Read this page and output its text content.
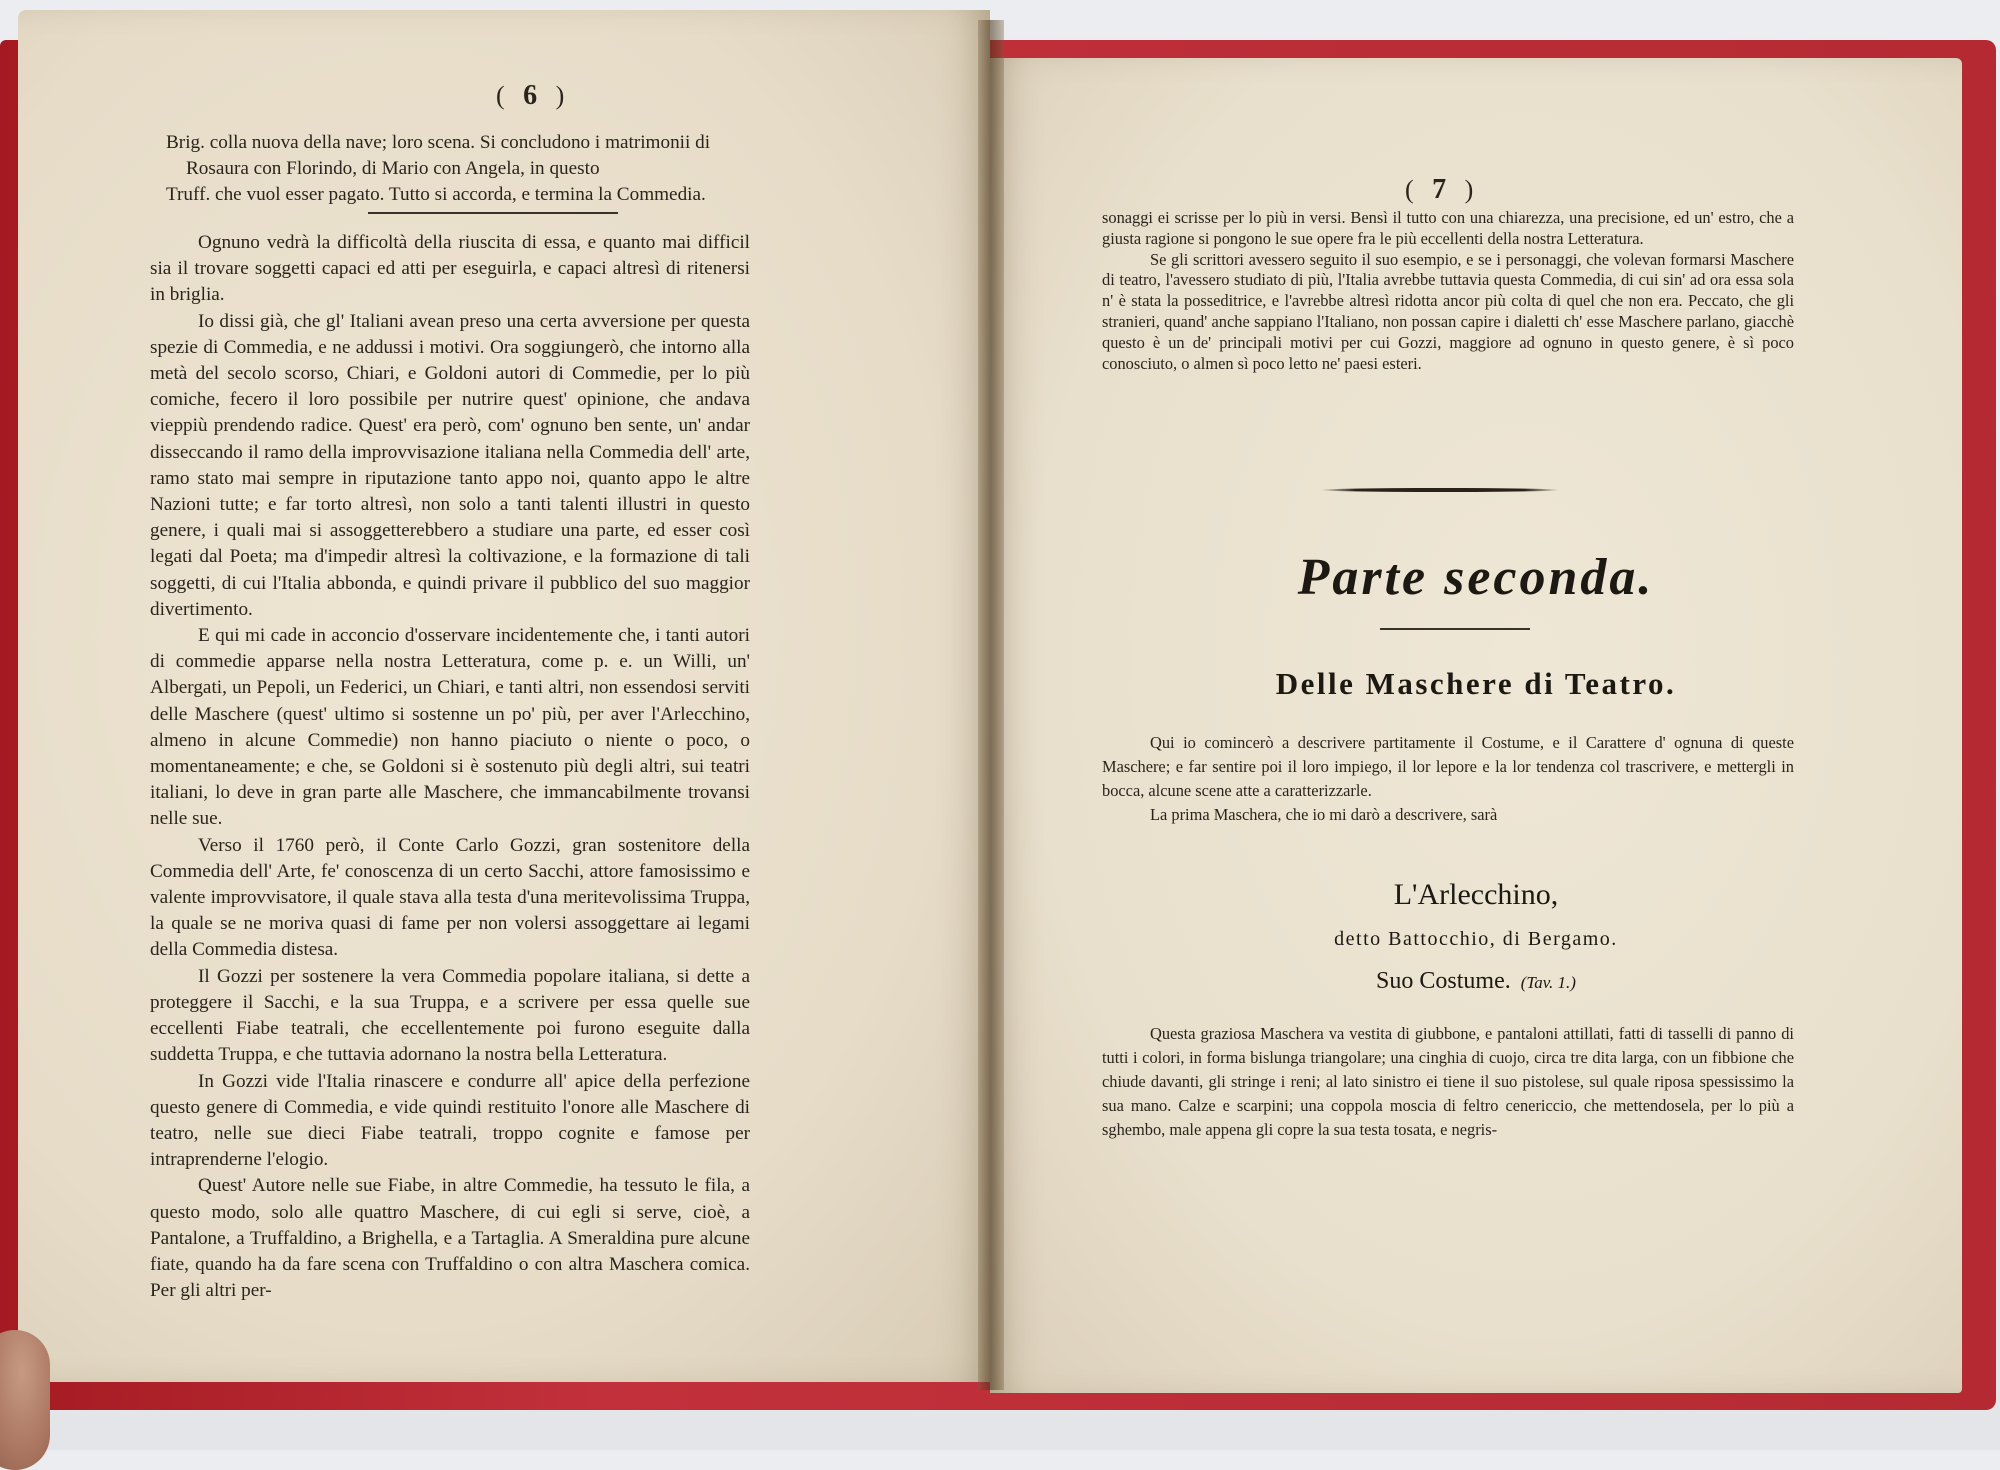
( 6 )

Brig. colla nuova della nave; loro scena. Si concludono i matrimonii di

Rosaura con Florindo, di Mario con Angela, in questo

Truff. che vuol esser pagato. Tutto si accorda, e termina la Commedia.

Ognuno vedrà la difficoltà della riuscita di essa, e quanto mai difficil sia il trovare soggetti capaci ed atti per eseguirla, e capaci altresì di ritenersi in briglia.

Io dissi già, che gl' Italiani avean preso una certa avversione per questa spezie di Commedia, e ne addussi i motivi. Ora soggiungerò, che intorno alla metà del secolo scorso, Chiari, e Goldoni autori di Commedie, per lo più comiche, fecero il loro possibile per nutrire quest' opinione, che andava vieppiù prendendo radice. Quest' era però, com' ognuno ben sente, un' andar disseccando il ramo della improvvisazione italiana nella Commedia dell' arte, ramo stato mai sempre in riputazione tanto appo noi, quanto appo le altre Nazioni tutte; e far torto altresì, non solo a tanti talenti illustri in questo genere, i quali mai si assoggetterebbero a studiare una parte, ed esser così legati dal Poeta; ma d'impedir altresì la coltivazione, e la formazione di tali soggetti, di cui l'Italia abbonda, e quindi privare il pubblico del suo maggior divertimento.

E qui mi cade in acconcio d'osservare incidentemente che, i tanti autori di commedie apparse nella nostra Letteratura, come p. e. un Willi, un' Albergati, un Pepoli, un Federici, un Chiari, e tanti altri, non essendosi serviti delle Maschere (quest' ultimo si sostenne un po' più, per aver l'Arlecchino, almeno in alcune Commedie) non hanno piaciuto o niente o poco, o momentaneamente; e che, se Goldoni si è sostenuto più degli altri, sui teatri italiani, lo deve in gran parte alle Maschere, che immancabilmente trovansi nelle sue.

Verso il 1760 però, il Conte Carlo Gozzi, gran sostenitore della Commedia dell' Arte, fe' conoscenza di un certo Sacchi, attore famosissimo e valente improvvisatore, il quale stava alla testa d'una meritevolissima Truppa, la quale se ne moriva quasi di fame per non volersi assoggettare ai legami della Commedia distesa.

Il Gozzi per sostenere la vera Commedia popolare italiana, si dette a proteggere il Sacchi, e la sua Truppa, e a scrivere per essa quelle sue eccellenti Fiabe teatrali, che eccellentemente poi furono eseguite dalla suddetta Truppa, e che tuttavia adornano la nostra bella Letteratura.

In Gozzi vide l'Italia rinascere e condurre all' apice della perfezione questo genere di Commedia, e vide quindi restituito l'onore alle Maschere di teatro, nelle sue dieci Fiabe teatrali, troppo cognite e famose per intraprenderne l'elogio.

Quest' Autore nelle sue Fiabe, in altre Commedie, ha tessuto le fila, a questo modo, solo alle quattro Maschere, di cui egli si serve, cioè, a Pantalone, a Truffaldino, a Brighella, e a Tartaglia. A Smeraldina pure alcune fiate, quando ha da fare scena con Truffaldino o con altra Maschera comica. Per gli altri per-

( 7 )

sonaggi ei scrisse per lo più in versi. Bensì il tutto con una chiarezza, una precisione, ed un' estro, che a giusta ragione si pongono le sue opere fra le più eccellenti della nostra Letteratura.

Se gli scrittori avessero seguito il suo esempio, e se i personaggi, che volevan formarsi Maschere di teatro, l'avessero studiato di più, l'Italia avrebbe tuttavia questa Commedia, di cui sin' ad ora essa sola n' è stata la posseditrice, e l'avrebbe altresì ridotta ancor più colta di quel che non era. Peccato, che gli stranieri, quand' anche sappiano l'Italiano, non possan capire i dialetti ch' esse Maschere parlano, giacchè questo è un de' principali motivi per cui Gozzi, maggiore ad ognuno in questo genere, è sì poco conosciuto, o almen sì poco letto ne' paesi esteri.

Parte seconda.
Delle Maschere di Teatro.

Qui io comincerò a descrivere partitamente il Costume, e il Carattere d' ognuna di queste Maschere; e far sentire poi il loro impiego, il lor lepore e la lor tendenza col trascrivere, e mettergli in bocca, alcune scene atte a caratterizzarle.

La prima Maschera, che io mi darò a descrivere, sarà

L'Arlecchino,
detto Battocchio, di Bergamo.
Suo Costume. (Tav. 1.)

Questa graziosa Maschera va vestita di giubbone, e pantaloni attillati, fatti di tasselli di panno di tutti i colori, in forma bislunga triangolare; una cinghia di cuojo, circa tre dita larga, con un fibbione che chiude davanti, gli stringe i reni; al lato sinistro ei tiene il suo pistolese, sul quale riposa spessissimo la sua mano. Calze e scarpini; una coppola moscia di feltro cenericcio, che mettendosela, per lo più a sghembo, male appena gli copre la sua testa tosata, e negris-
